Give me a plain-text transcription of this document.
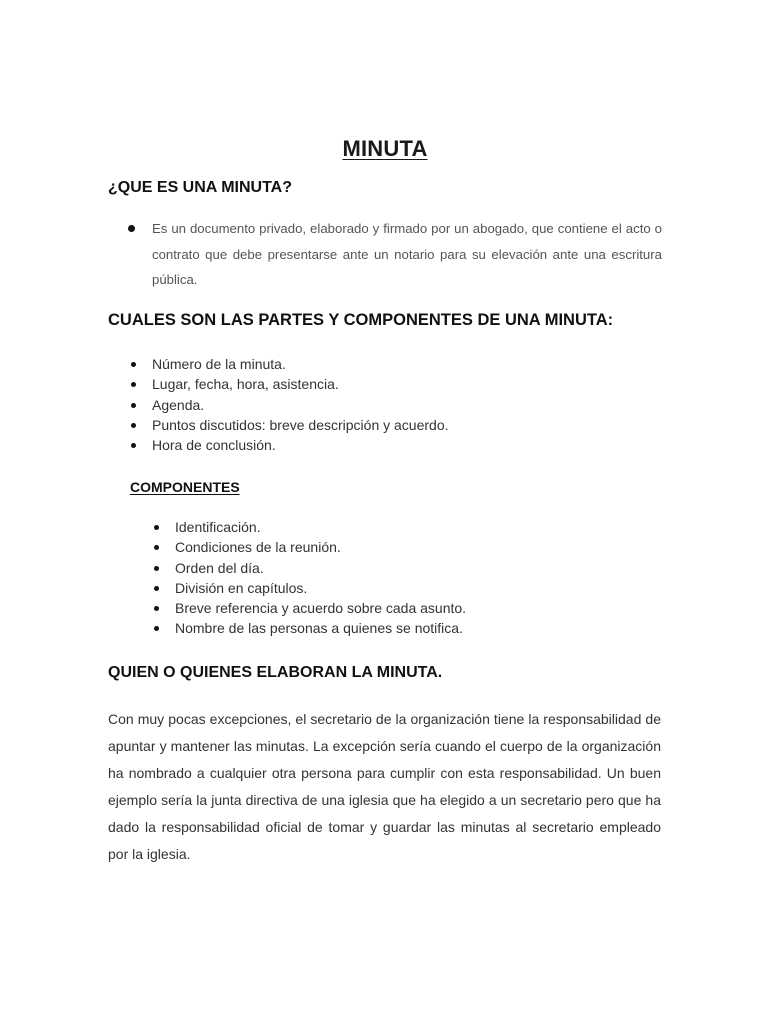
MINUTA
¿QUE ES UNA MINUTA?
Es un documento privado, elaborado y firmado por un abogado, que contiene el acto o contrato que debe presentarse ante un notario para su elevación ante una escritura pública.
CUALES SON LAS PARTES Y COMPONENTES DE UNA MINUTA:
Número de la minuta.
Lugar, fecha, hora, asistencia.
Agenda.
Puntos discutidos: breve descripción y acuerdo.
Hora de conclusión.
COMPONENTES
Identificación.
Condiciones de la reunión.
Orden del día.
División en capítulos.
Breve referencia y acuerdo sobre cada asunto.
Nombre de las personas a quienes se notifica.
QUIEN O QUIENES ELABORAN LA MINUTA.
Con muy pocas excepciones, el secretario de la organización tiene la responsabilidad de apuntar y mantener las minutas. La excepción sería cuando el cuerpo de la organización ha nombrado a cualquier otra persona para cumplir con esta responsabilidad. Un buen ejemplo sería la junta directiva de una iglesia que ha elegido a un secretario pero que ha dado la responsabilidad oficial de tomar y guardar las minutas al secretario empleado por la iglesia.
